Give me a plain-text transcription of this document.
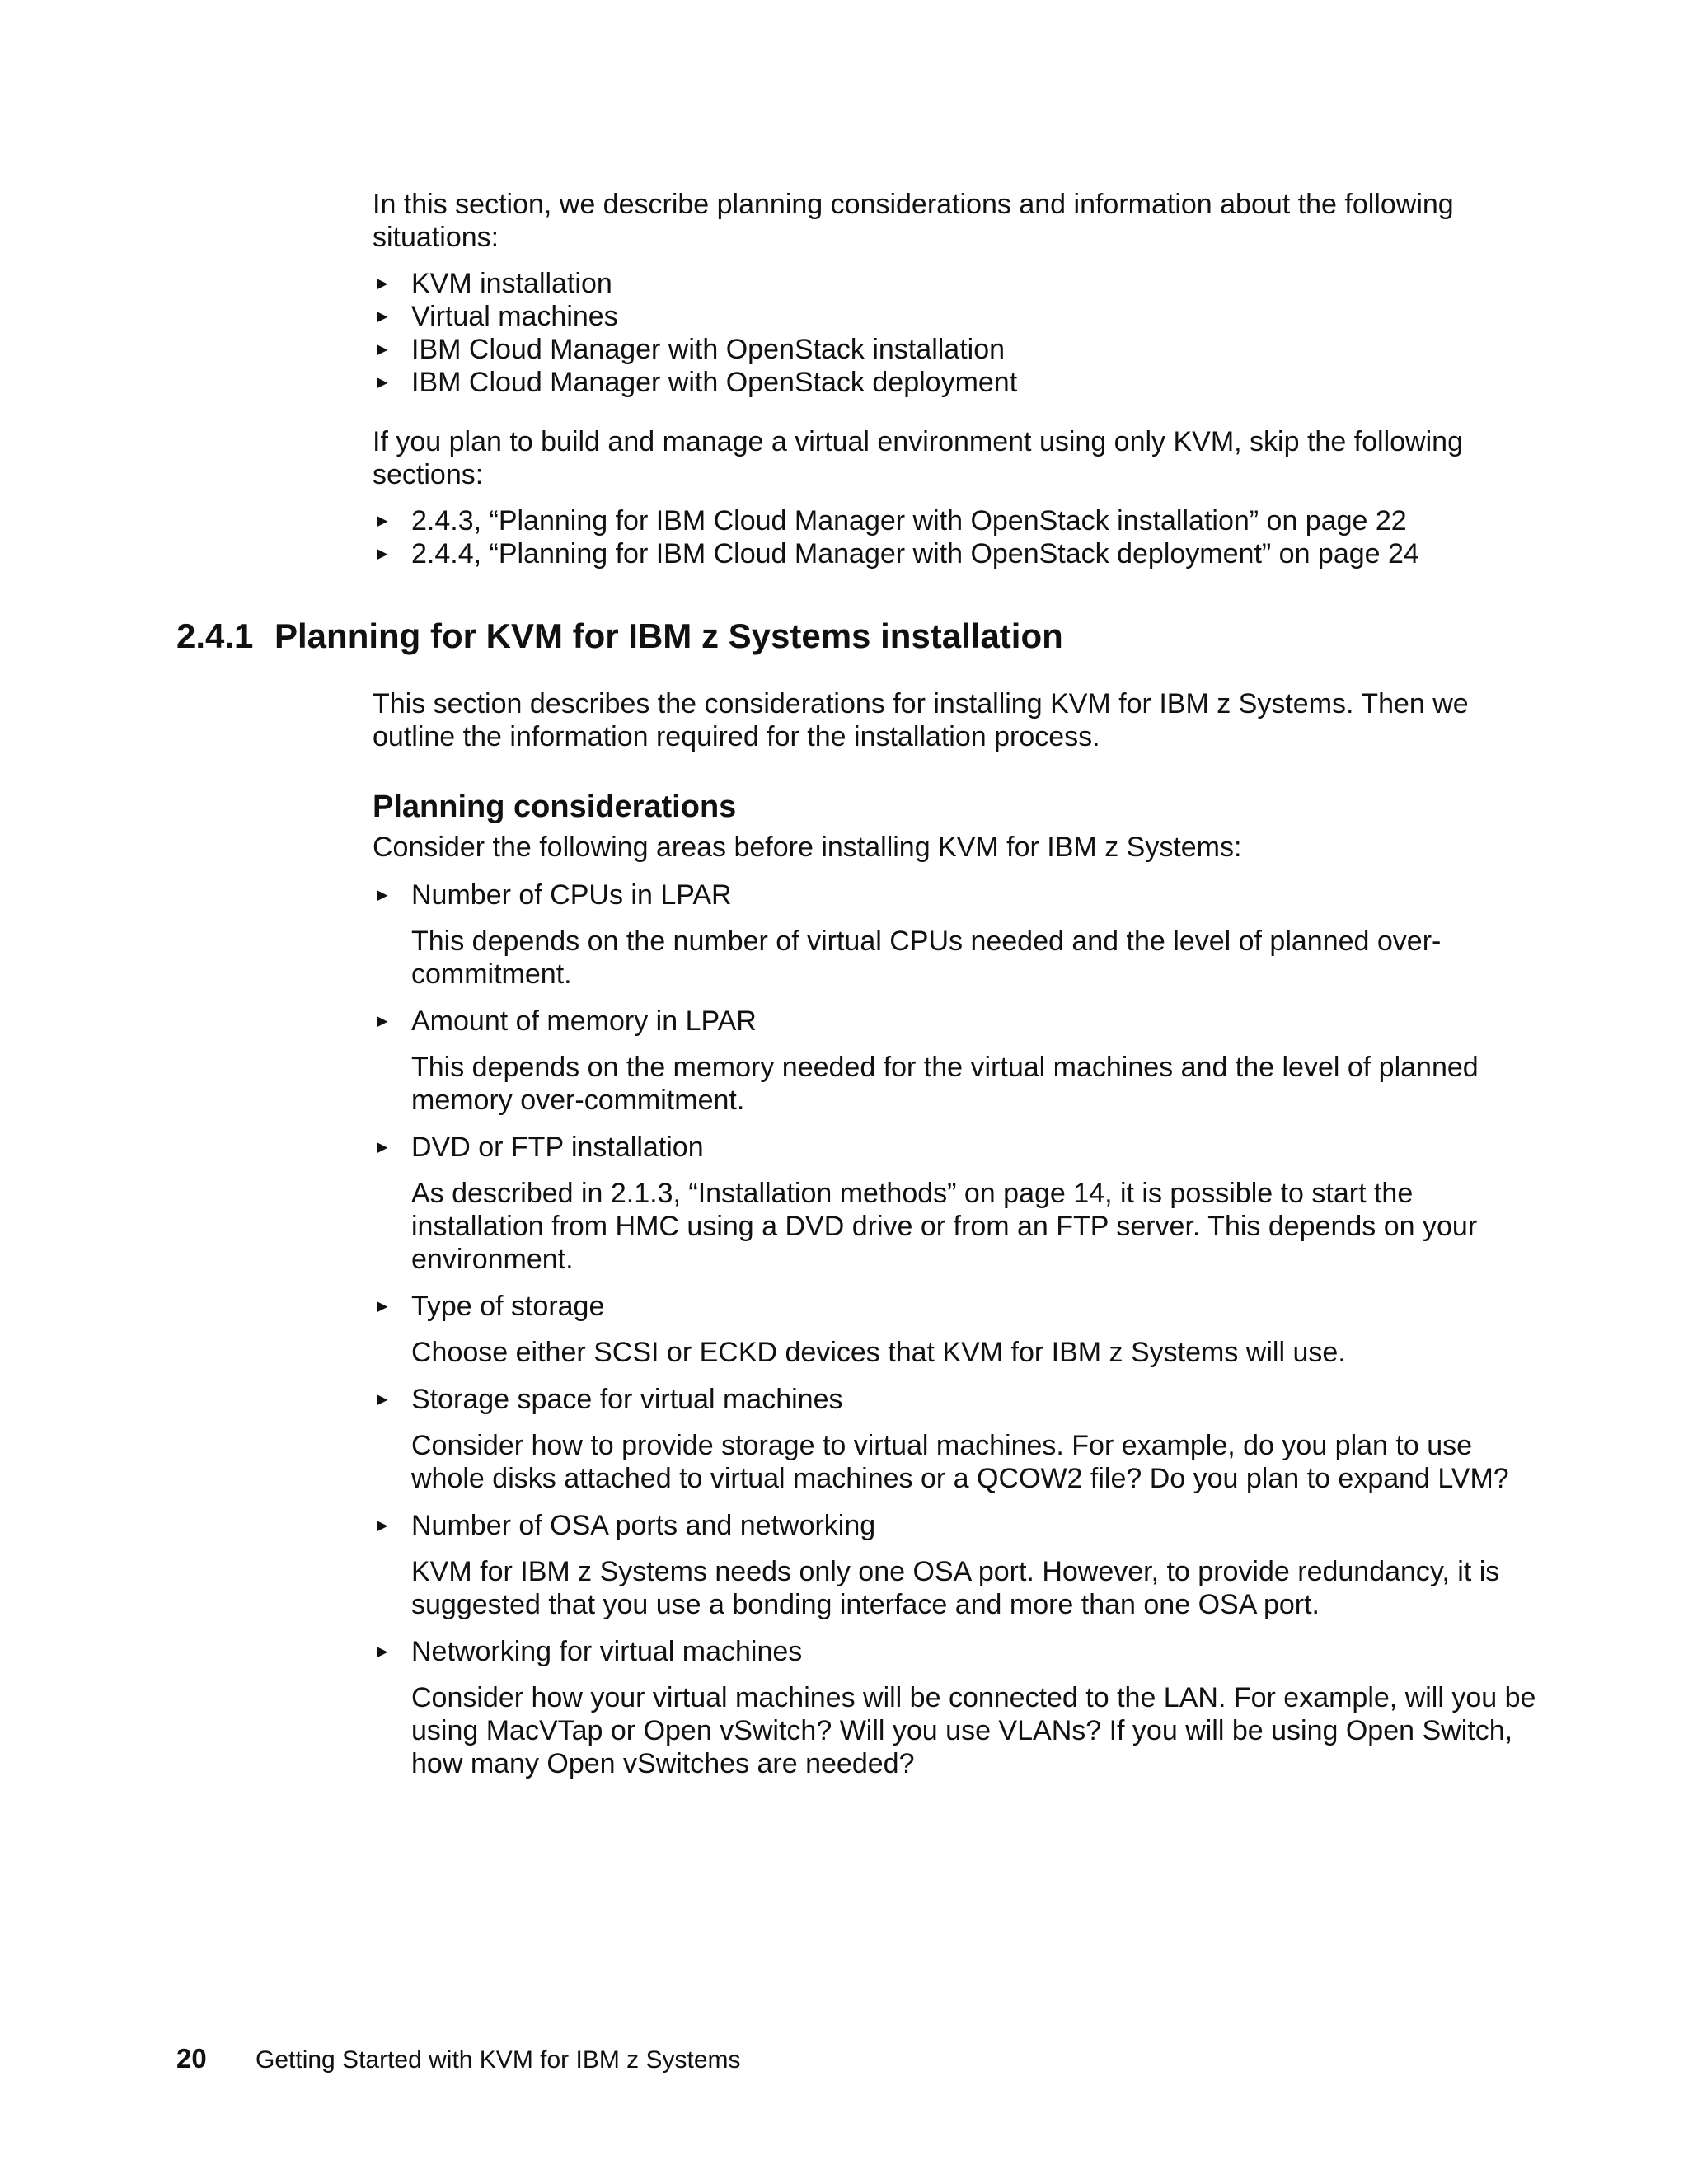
In this section, we describe planning considerations and information about the following situations:

► KVM installation
► Virtual machines
► IBM Cloud Manager with OpenStack installation
► IBM Cloud Manager with OpenStack deployment

If you plan to build and manage a virtual environment using only KVM, skip the following sections:

► 2.4.3, “Planning for IBM Cloud Manager with OpenStack installation” on page 22
► 2.4.4, “Planning for IBM Cloud Manager with OpenStack deployment” on page 24
2.4.1 Planning for KVM for IBM z Systems installation

This section describes the considerations for installing KVM for IBM z Systems. Then we outline the information required for the installation process.

Planning considerations

Consider the following areas before installing KVM for IBM z Systems:

► Number of CPUs in LPAR
This depends on the number of virtual CPUs needed and the level of planned over-commitment.
► Amount of memory in LPAR
This depends on the memory needed for the virtual machines and the level of planned memory over-commitment.
► DVD or FTP installation
As described in 2.1.3, “Installation methods” on page 14, it is possible to start the installation from HMC using a DVD drive or from an FTP server. This depends on your environment.
► Type of storage
Choose either SCSI or ECKD devices that KVM for IBM z Systems will use.
► Storage space for virtual machines
Consider how to provide storage to virtual machines. For example, do you plan to use whole disks attached to virtual machines or a QCOW2 file? Do you plan to expand LVM?
► Number of OSA ports and networking
KVM for IBM z Systems needs only one OSA port. However, to provide redundancy, it is suggested that you use a bonding interface and more than one OSA port.
► Networking for virtual machines
Consider how your virtual machines will be connected to the LAN. For example, will you be using MacVTap or Open vSwitch? Will you use VLANs? If you will be using Open Switch, how many Open vSwitches are needed?
20 Getting Started with KVM for IBM z Systems
